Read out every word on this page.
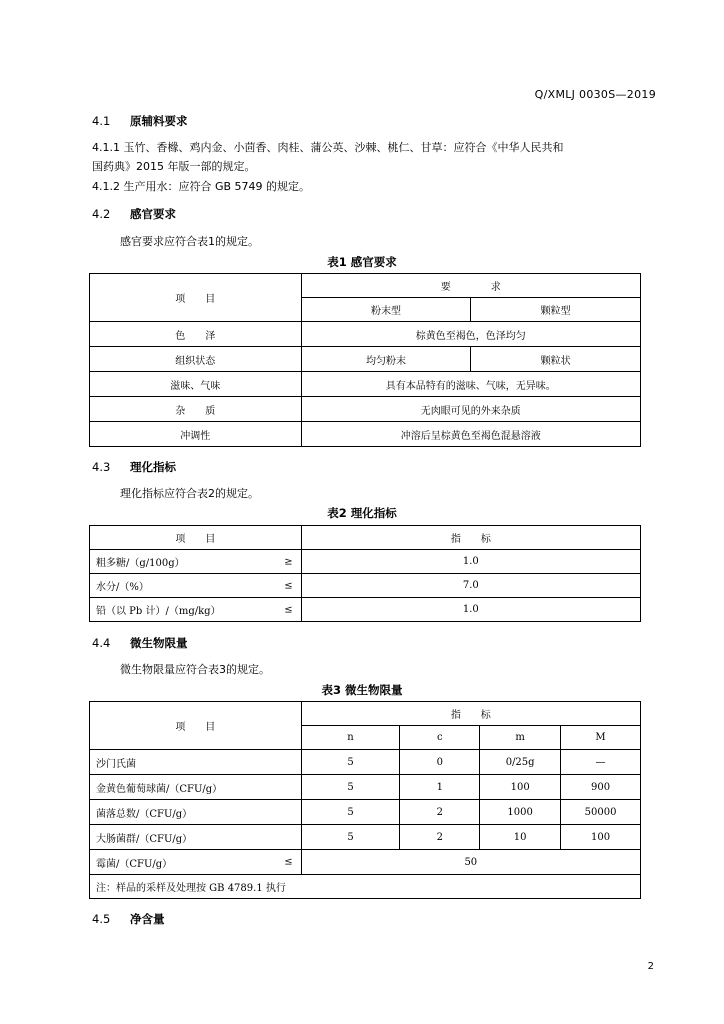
Q/XMLJ 0030S—2019
4.1 原辅料要求
4.1.1 玉竹、香橼、鸡内金、小茴香、肉桂、蒲公英、沙棘、桃仁、甘草：应符合《中华人民共和
国药典》2015 年版一部的规定。
4.1.2 生产用水：应符合 GB 5749 的规定。
4.2 感官要求
感官要求应符合表1的规定。
表1 感官要求
项　　目	要　　　　求	
	粉末型	颗粒型
色　　泽	棕黄色至褐色，色泽均匀	
组织状态	均匀粉末	颗粒状
滋味、气味	具有本品特有的滋味、气味，无异味。	
杂　　质	无肉眼可见的外来杂质	
冲调性	冲溶后呈棕黄色至褐色混悬溶液	
4.3 理化指标
理化指标应符合表2的规定。
表2 理化指标
项　　目	指　　标
粗多糖/（g/100g） ≥	1.0
水分/（%） ≤	7.0
铅（以 Pb 计）/（mg/kg） ≤	1.0
4.4 微生物限量
微生物限量应符合表3的规定。
表3 微生物限量
项　　目	指　　标			
	n	c	m	M
沙门氏菌	5	0	0/25g	—
金黄色葡萄球菌/（CFU/g）	5	1	100	900
菌落总数/（CFU/g）	5	2	1000	50000
大肠菌群/（CFU/g）	5	2	10	100
霉菌/（CFU/g） ≤	50			
注：样品的采样及处理按 GB 4789.1 执行				
4.5 净含量
2
